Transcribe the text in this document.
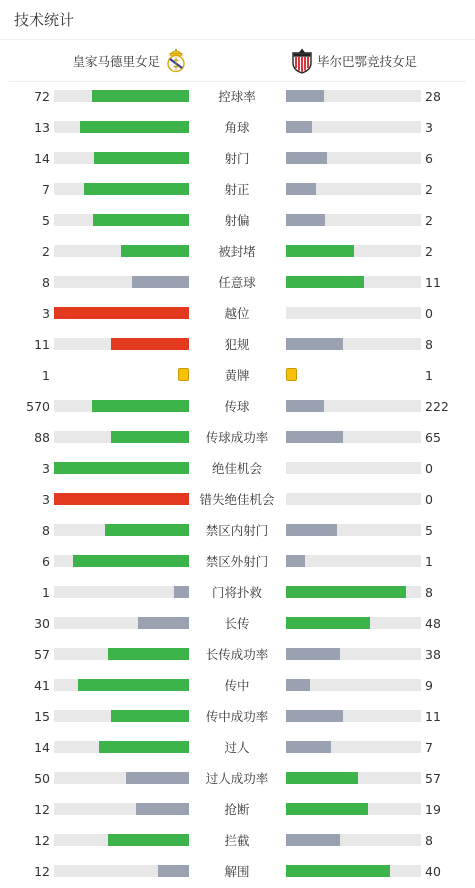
技术统计
皇家马德里女足	毕尔巴鄂竞技女足
72	控球率	28
13	角球	3
14	射门	6
7	射正	2
5	射偏	2
2	被封堵	2
8	任意球	11
3	越位	0
11	犯规	8
1	黄牌	1
570	传球	222
88	传球成功率	65
3	绝佳机会	0
3	错失绝佳机会	0
8	禁区内射门	5
6	禁区外射门	1
1	门将扑救	8
30	长传	48
57	长传成功率	38
41	传中	9
15	传中成功率	11
14	过人	7
50	过人成功率	57
12	抢断	19
12	拦截	8
12	解围	40
